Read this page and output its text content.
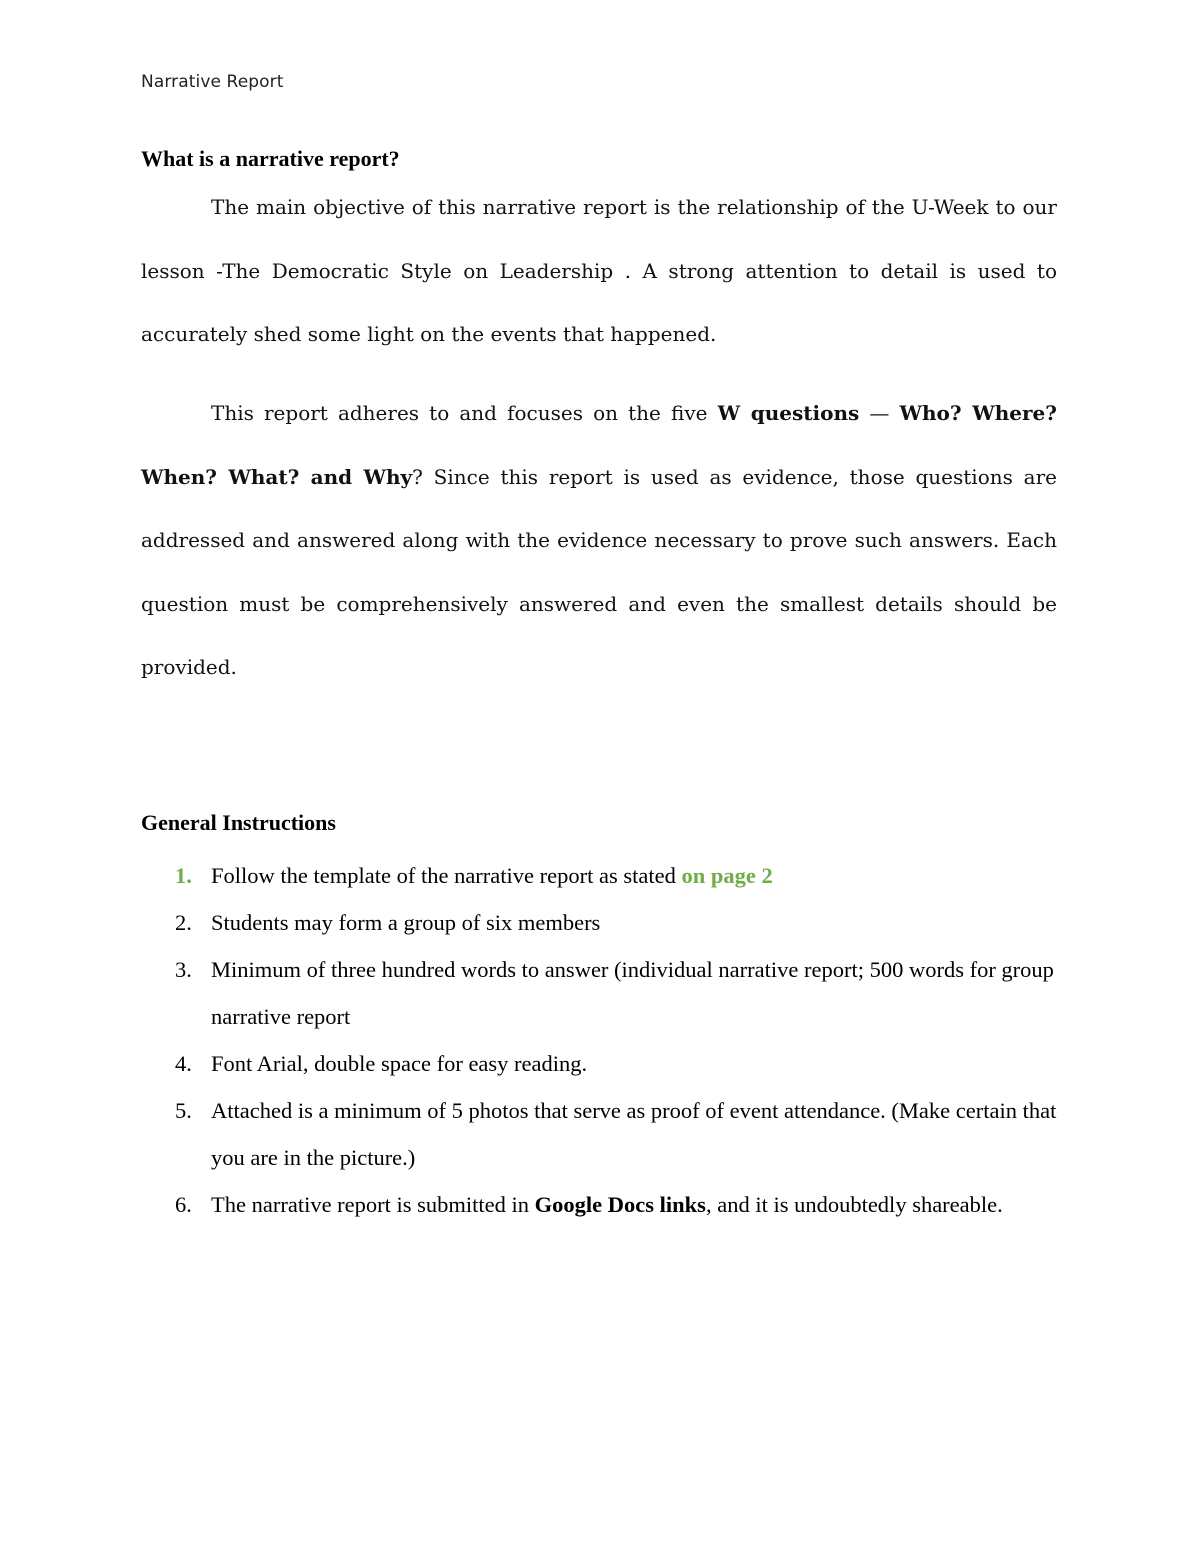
Narrative Report
What is a narrative report?

The main objective of this narrative report is the relationship of the U-Week to our lesson -The Democratic Style on Leadership . A strong attention to detail is used to accurately shed some light on the events that happened.

This report adheres to and focuses on the five W questions — Who? Where? When? What? and Why? Since this report is used as evidence, those questions are addressed and answered along with the evidence necessary to prove such answers. Each question must be comprehensively answered and even the smallest details should be provided.

General Instructions
1. Follow the template of the narrative report as stated on page 2
2. Students may form a group of six members
3. Minimum of three hundred words to answer (individual narrative report; 500 words for group narrative report
4. Font Arial, double space for easy reading.
5. Attached is a minimum of 5 photos that serve as proof of event attendance. (Make certain that you are in the picture.)
6. The narrative report is submitted in Google Docs links, and it is undoubtedly shareable.
